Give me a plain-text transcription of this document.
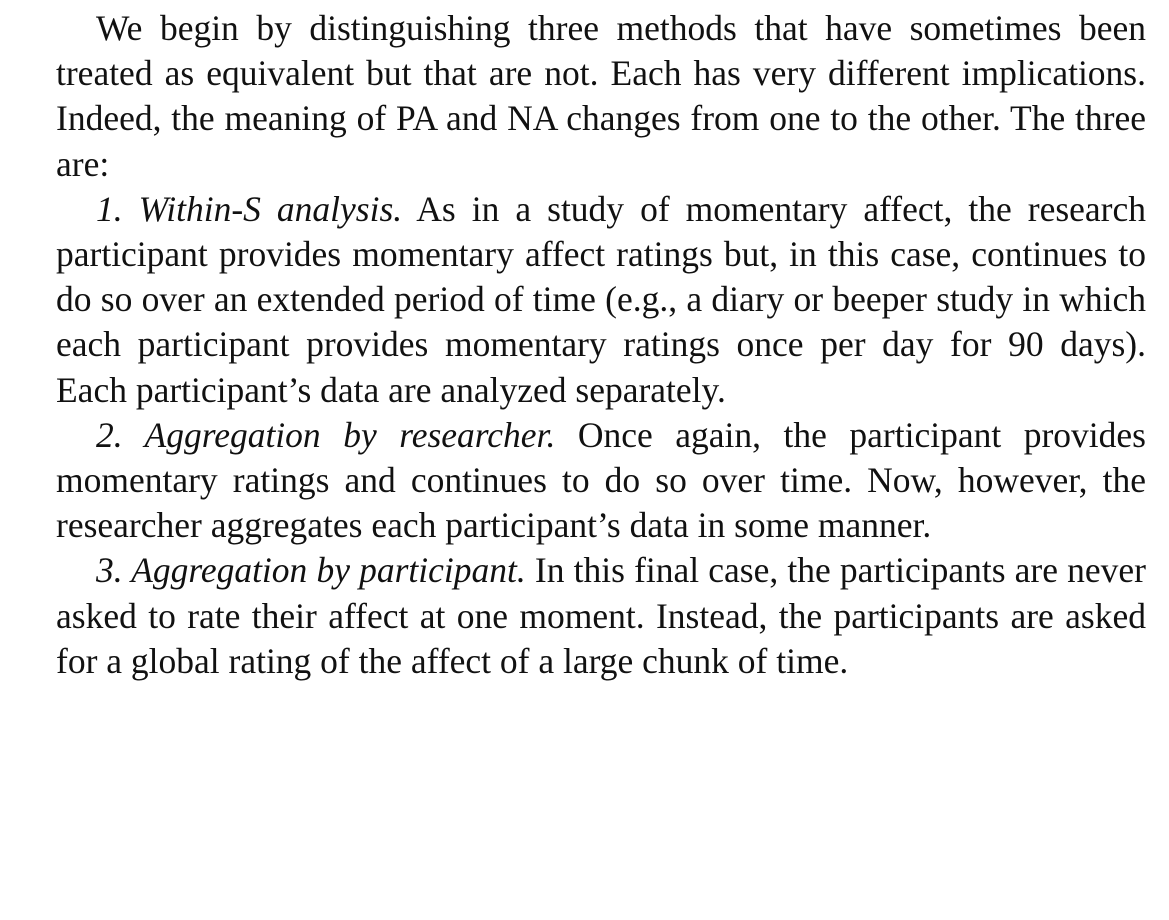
We begin by distinguishing three methods that have sometimes been treated as equivalent but that are not. Each has very different implications. Indeed, the meaning of PA and NA changes from one to the other. The three are:

1. Within-S analysis. As in a study of momentary affect, the research participant provides momentary affect ratings but, in this case, continues to do so over an extended period of time (e.g., a diary or beeper study in which each participant provides momentary ratings once per day for 90 days). Each participant’s data are analyzed separately.

2. Aggregation by researcher. Once again, the participant provides momentary ratings and continues to do so over time. Now, however, the researcher aggregates each participant’s data in some manner.

3. Aggregation by participant. In this final case, the participants are never asked to rate their affect at one moment. Instead, the participants are asked for a global rating of the affect of a large chunk of time.
